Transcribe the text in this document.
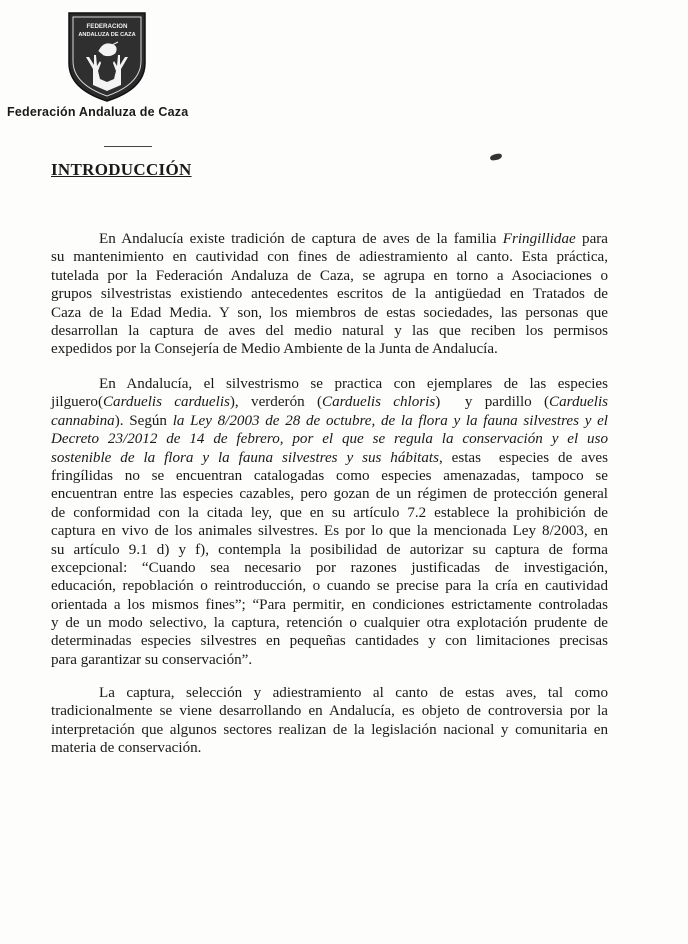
FEDERACION
ANDALUZA DE CAZA
Federación Andaluza de Caza
INTRODUCCIÓN

En Andalucía existe tradición de captura de aves de la familia Fringillidae para
su mantenimiento en cautividad con fines de adiestramiento al canto. Esta práctica,
tutelada por la Federación Andaluza de Caza, se agrupa en torno a Asociaciones o
grupos silvestristas existiendo antecedentes escritos de la antigüedad en Tratados de
Caza de la Edad Media. Y son, los miembros de estas sociedades, las personas que
desarrollan la captura de aves del medio natural y las que reciben los permisos
expedidos por la Consejería de Medio Ambiente de la Junta de Andalucía.

En Andalucía, el silvestrismo se practica con ejemplares de las especies
jilguero(Carduelis carduelis), verderón (Carduelis chloris)  y pardillo (Carduelis
cannabina). Según la Ley 8/2003 de 28 de octubre, de la flora y la fauna silvestres y el
Decreto 23/2012 de 14 de febrero, por el que se regula la conservación y el uso
sostenible de la flora y la fauna silvestres y sus hábitats, estas  especies de aves
fringílidas no se encuentran catalogadas como especies amenazadas, tampoco se
encuentran entre las especies cazables, pero gozan de un régimen de protección general
de conformidad con la citada ley, que en su artículo 7.2 establece la prohibición de
captura en vivo de los animales silvestres. Es por lo que la mencionada Ley 8/2003, en
su artículo 9.1 d) y f), contempla la posibilidad de autorizar su captura de forma
excepcional: “Cuando sea necesario por razones justificadas de investigación,
educación, repoblación o reintroducción, o cuando se precise para la cría en cautividad
orientada a los mismos fines”; “Para permitir, en condiciones estrictamente controladas
y de un modo selectivo, la captura, retención o cualquier otra explotación prudente de
determinadas especies silvestres en pequeñas cantidades y con limitaciones precisas
para garantizar su conservación”.

La captura, selección y adiestramiento al canto de estas aves, tal como
tradicionalmente se viene desarrollando en Andalucía, es objeto de controversia por la
interpretación que algunos sectores realizan de la legislación nacional y comunitaria en
materia de conservación.
